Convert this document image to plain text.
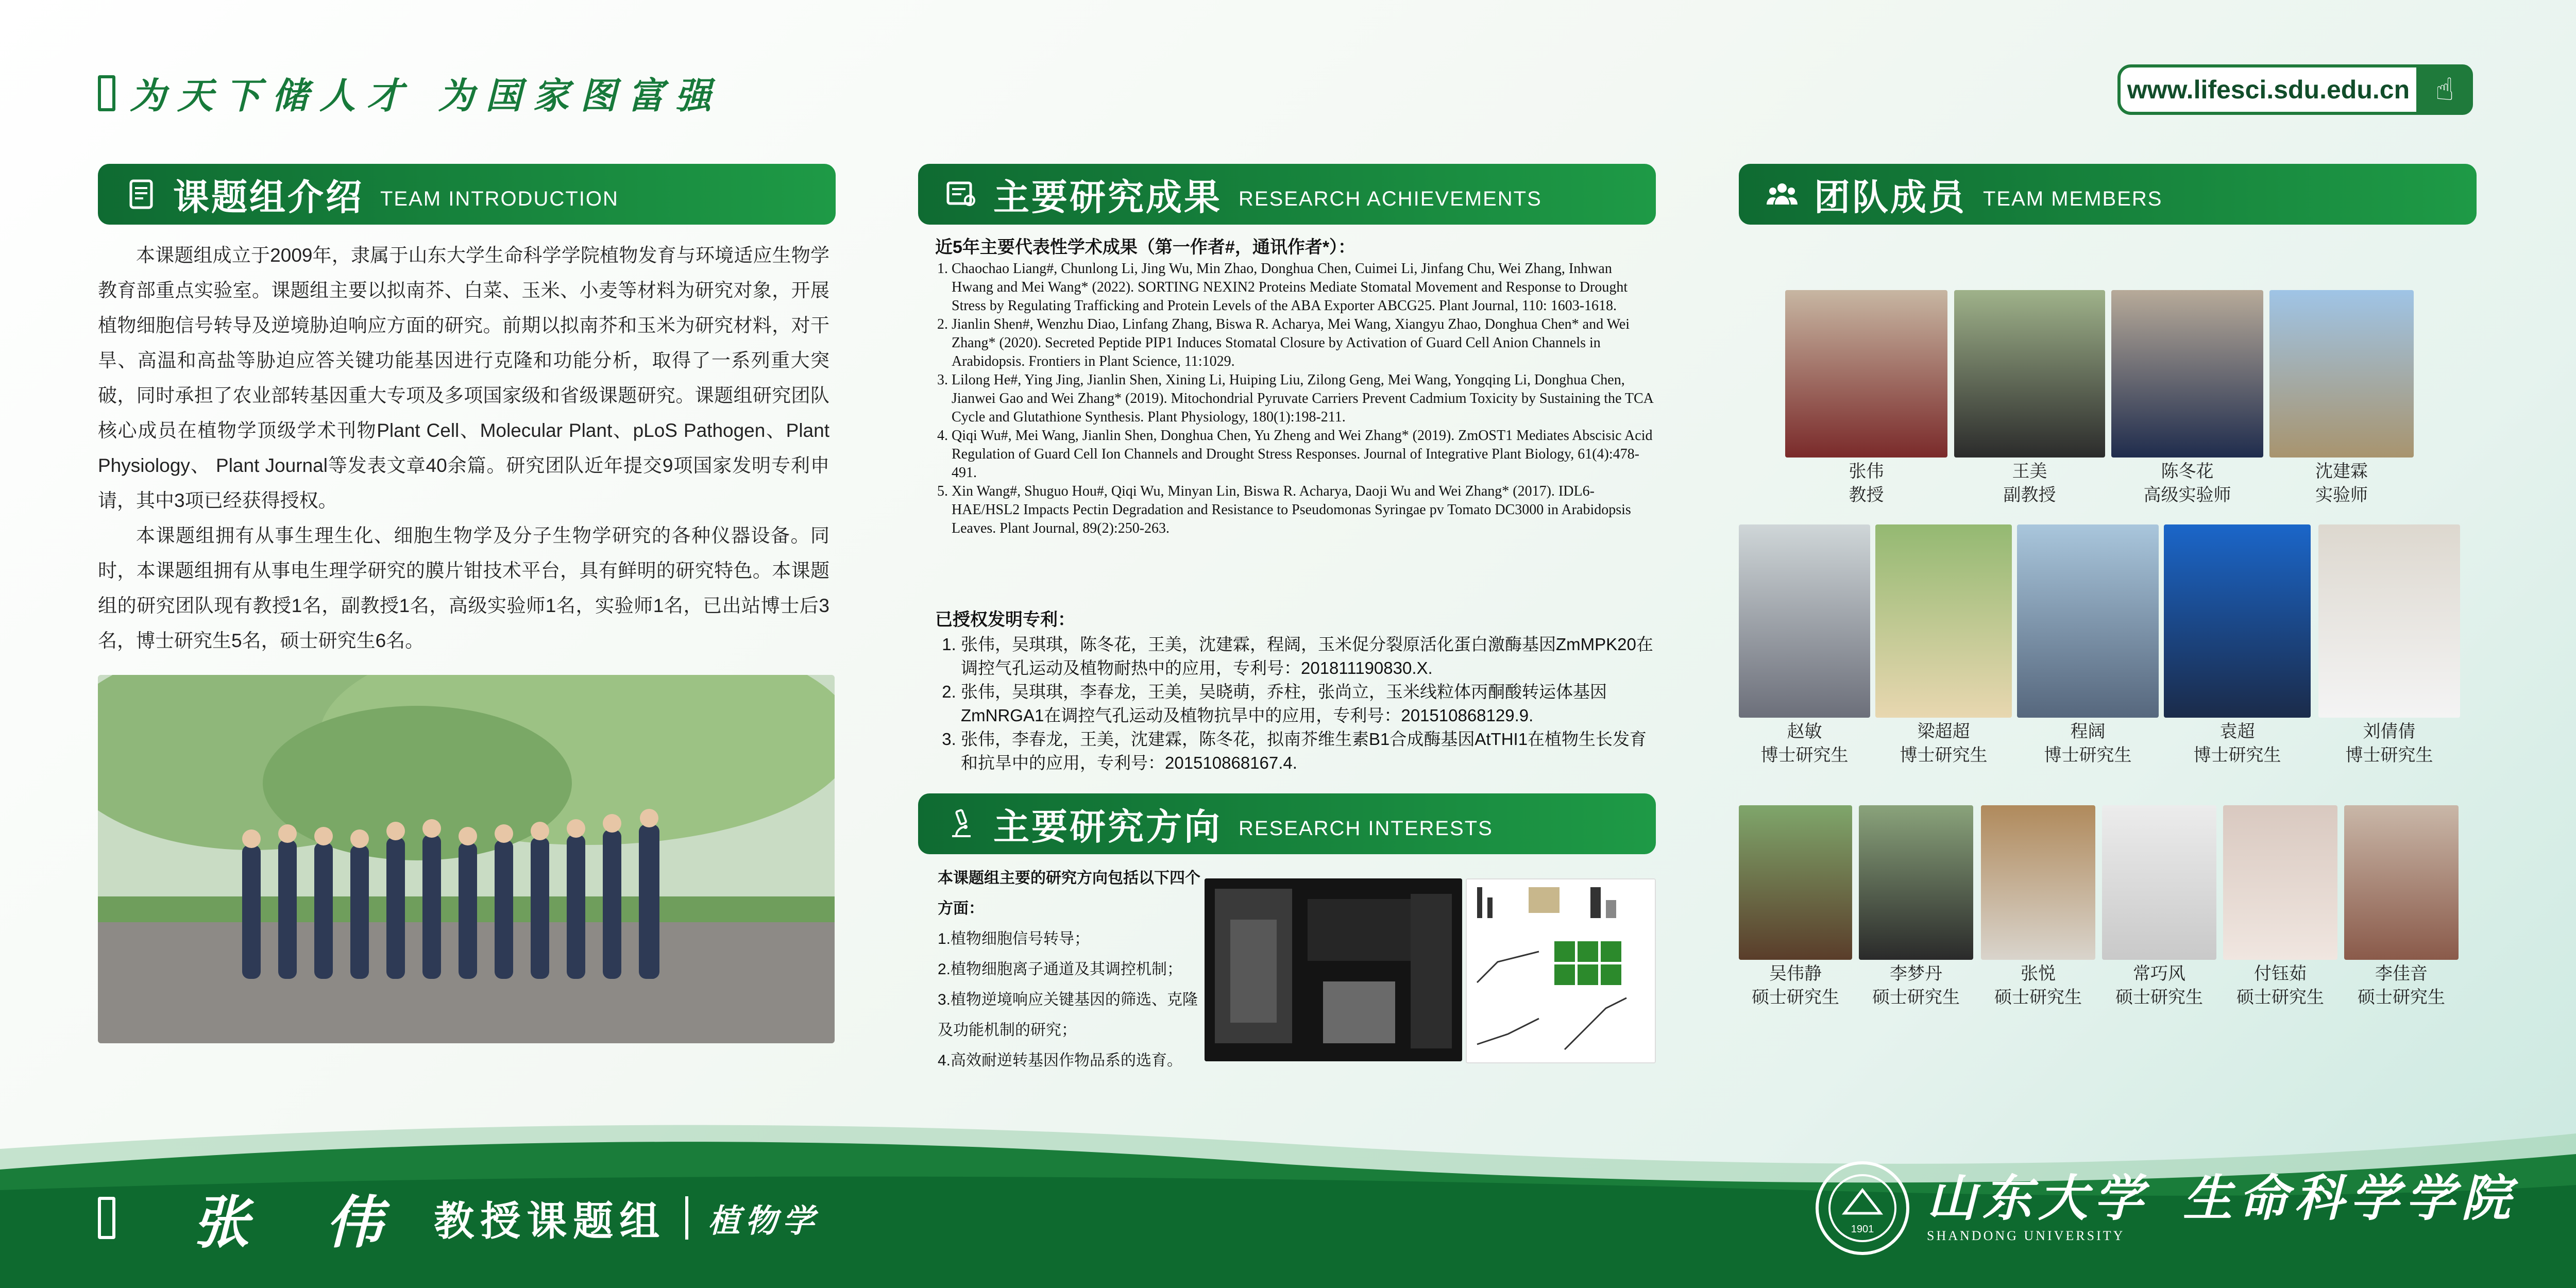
为天下储人才 为国家图富强	www.lifesci.sdu.edu.cn ☝
课题组介绍 TEAM INTRODUCTION

本课题组成立于2009年，隶属于山东大学生命科学学院植物发育与环境适应生物学教育部重点实验室。课题组主要以拟南芥、白菜、玉米、小麦等材料为研究对象，开展植物细胞信号转导及逆境胁迫响应方面的研究。前期以拟南芥和玉米为研究材料，对干旱、高温和高盐等胁迫应答关键功能基因进行克隆和功能分析，取得了一系列重大突破，同时承担了农业部转基因重大专项及多项国家级和省级课题研究。课题组研究团队核心成员在植物学顶级学术刊物Plant Cell、Molecular Plant、pLoS Pathogen、Plant Physiology、 Plant Journal等发表文章40余篇。研究团队近年提交9项国家发明专利申请，其中3项已经获得授权。

本课题组拥有从事生理生化、细胞生物学及分子生物学研究的各种仪器设备。同时，本课题组拥有从事电生理学研究的膜片钳技术平台，具有鲜明的研究特色。本课题组的研究团队现有教授1名，副教授1名，高级实验师1名，实验师1名，已出站博士后3名，博士研究生5名，硕士研究生6名。

主要研究成果 RESEARCH ACHIEVEMENTS
近5年主要代表性学术成果（第一作者#，通讯作者*）：
1. Chaochao Liang#, Chunlong Li, Jing Wu, Min Zhao, Donghua Chen, Cuimei Li, Jinfang Chu, Wei Zhang, Inhwan Hwang and Mei Wang* (2022). SORTING NEXIN2 Proteins Mediate Stomatal Movement and Response to Drought Stress by Regulating Trafficking and Protein Levels of the ABA Exporter ABCG25. Plant Journal, 110: 1603-1618.
2. Jianlin Shen#, Wenzhu Diao, Linfang Zhang, Biswa R. Acharya, Mei Wang, Xiangyu Zhao, Donghua Chen* and Wei Zhang* (2020). Secreted Peptide PIP1 Induces Stomatal Closure by Activation of Guard Cell Anion Channels in Arabidopsis. Frontiers in Plant Science, 11:1029.
3. Lilong He#, Ying Jing, Jianlin Shen, Xining Li, Huiping Liu, Zilong Geng, Mei Wang, Yongqing Li, Donghua Chen, Jianwei Gao and Wei Zhang* (2019). Mitochondrial Pyruvate Carriers Prevent Cadmium Toxicity by Sustaining the TCA Cycle and Glutathione Synthesis. Plant Physiology, 180(1):198-211.
4. Qiqi Wu#, Mei Wang, Jianlin Shen, Donghua Chen, Yu Zheng and Wei Zhang* (2019). ZmOST1 Mediates Abscisic Acid Regulation of Guard Cell Ion Channels and Drought Stress Responses. Journal of Integrative Plant Biology, 61(4):478-491.
5. Xin Wang#, Shuguo Hou#, Qiqi Wu, Minyan Lin, Biswa R. Acharya, Daoji Wu and Wei Zhang* (2017). IDL6-HAE/HSL2 Impacts Pectin Degradation and Resistance to Pseudomonas Syringae pv Tomato DC3000 in Arabidopsis Leaves. Plant Journal, 89(2):250-263.
已授权发明专利：
1. 张伟，吴琪琪，陈冬花，王美，沈建霖，程阔，玉米促分裂原活化蛋白激酶基因ZmMPK20在调控气孔运动及植物耐热中的应用，专利号：201811190830.X.
2. 张伟，吴琪琪，李春龙，王美，吴晓萌，乔柱，张尚立，玉米线粒体丙酮酸转运体基因ZmNRGA1在调控气孔运动及植物抗旱中的应用，专利号：201510868129.9.
3. 张伟，李春龙，王美，沈建霖，陈冬花，拟南芥维生素B1合成酶基因AtTHI1在植物生长发育和抗旱中的应用，专利号：201510868167.4.
主要研究方向 RESEARCH INTERESTS
本课题组主要的研究方向包括以下四个方面：
1.植物细胞信号转导；
2.植物细胞离子通道及其调控机制；
3.植物逆境响应关键基因的筛选、克隆及功能机制的研究；
4.高效耐逆转基因作物品系的选育。
团队成员 TEAM MEMBERS
张伟
教授
王美
副教授
陈冬花
高级实验师
沈建霖
实验师
赵敏
博士研究生
梁超超
博士研究生
程阔
博士研究生
袁超
博士研究生
刘倩倩
博士研究生
吴伟静
硕士研究生
李梦丹
硕士研究生
张悦
硕士研究生
常巧风
硕士研究生
付钰茹
硕士研究生
李佳音
硕士研究生
张 伟 教授课题组 植物学	1901
山东大学 生命科学学院
SHANDONG UNIVERSITY
